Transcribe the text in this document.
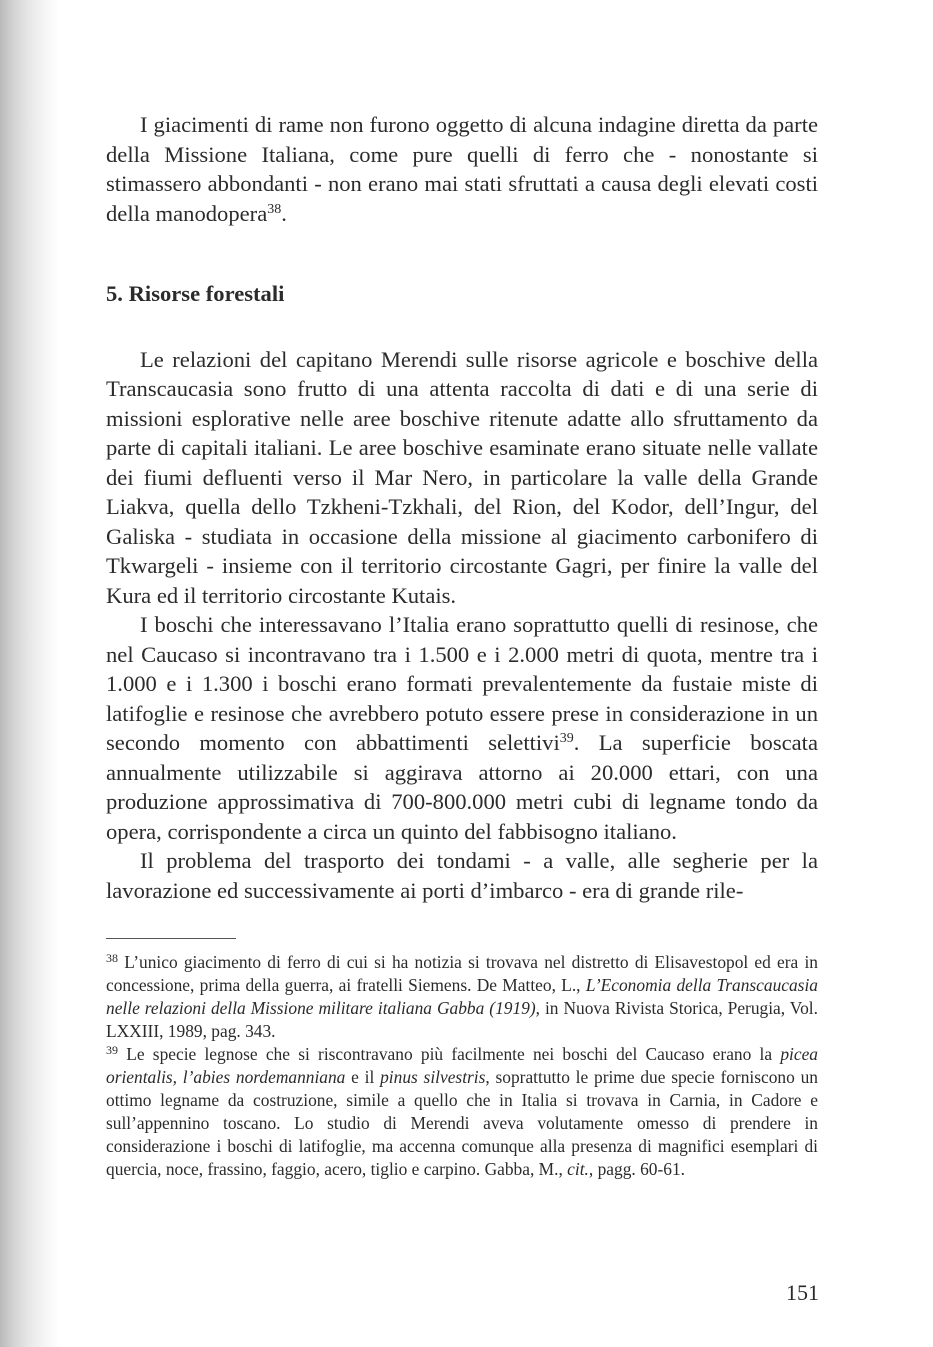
I giacimenti di rame non furono oggetto di alcuna indagine diretta da parte della Missione Italiana, come pure quelli di ferro che - nonostante si stimassero abbondanti - non erano mai stati sfruttati a causa degli elevati costi della manodopera$^{38}$.

5. Risorse forestali

Le relazioni del capitano Merendi sulle risorse agricole e boschive della Transcaucasia sono frutto di una attenta raccolta di dati e di una serie di missioni esplorative nelle aree boschive ritenute adatte allo sfruttamento da parte di capitali italiani. Le aree boschive esaminate erano situate nelle vallate dei fiumi defluenti verso il Mar Nero, in particolare la valle della Grande Liakva, quella dello Tzkheni-Tzkhali, del Rion, del Kodor, dell’Ingur, del Galiska - studiata in occasione della missione al giacimento carbonifero di Tkwargeli - insieme con il territorio circostante Gagri, per finire la valle del Kura ed il territorio circostante Kutais.

I boschi che interessavano l’Italia erano soprattutto quelli di resinose, che nel Caucaso si incontravano tra i 1.500 e i 2.000 metri di quota, mentre tra i 1.000 e i 1.300 i boschi erano formati prevalentemente da fustaie miste di latifoglie e resinose che avrebbero potuto essere prese in considerazione in un secondo momento con abbattimenti selettivi$^{39}$. La superficie boscata annualmente utilizzabile si aggirava attorno ai 20.000 ettari, con una produzione approssimativa di 700-800.000 metri cubi di legname tondo da opera, corrispondente a circa un quinto del fabbisogno italiano.

Il problema del trasporto dei tondami - a valle, alle segherie per la lavorazione ed successivamente ai porti d’imbarco - era di grande rile-

$^{38}$ L’unico giacimento di ferro di cui si ha notizia si trovava nel distretto di Elisavestopol ed era in concessione, prima della guerra, ai fratelli Siemens. De Matteo, L., L’Economia della Transcaucasia nelle relazioni della Missione militare italiana Gabba (1919), in Nuova Rivista Storica, Perugia, Vol. LXXIII, 1989, pag. 343.

$^{39}$ Le specie legnose che si riscontravano più facilmente nei boschi del Caucaso erano la picea orientalis, l’abies nordemanniana e il pinus silvestris, soprattutto le prime due specie forniscono un ottimo legname da costruzione, simile a quello che in Italia si trovava in Carnia, in Cadore e sull’appennino toscano. Lo studio di Merendi aveva volutamente omesso di prendere in considerazione i boschi di latifoglie, ma accenna comunque alla presenza di magnifici esemplari di quercia, noce, frassino, faggio, acero, tiglio e carpino. Gabba, M., cit., pagg. 60-61.

151
